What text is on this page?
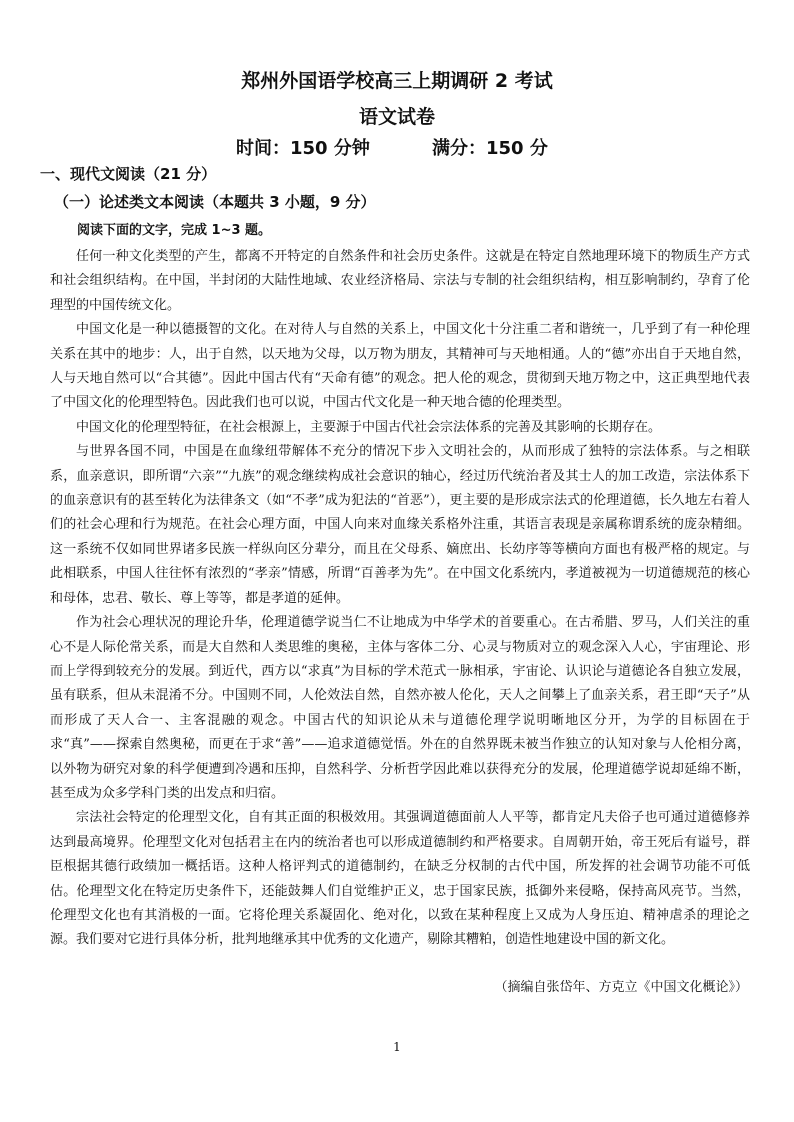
郑州外国语学校高三上期调研 2 考试
语文试卷
时间：150 分钟	满分：150 分
一、现代文阅读（21 分）
（一）论述类文本阅读（本题共 3 小题，9 分）
阅读下面的文字，完成 1~3 题。

任何一种文化类型的产生，都离不开特定的自然条件和社会历史条件。这就是在特定自然地理环境下的物质生产方式和社会组织结构。在中国，半封闭的大陆性地域、农业经济格局、宗法与专制的社会组织结构，相互影响制约，孕育了伦理型的中国传统文化。

中国文化是一种以德摄智的文化。在对待人与自然的关系上，中国文化十分注重二者和谐统一，几乎到了有一种伦理关系在其中的地步：人，出于自然，以天地为父母，以万物为朋友，其精神可与天地相通。人的“德”亦出自于天地自然，人与天地自然可以“合其德”。因此中国古代有“天命有德”的观念。把人伦的观念，贯彻到天地万物之中，这正典型地代表了中国文化的伦理型特色。因此我们也可以说，中国古代文化是一种天地合德的伦理类型。

中国文化的伦理型特征，在社会根源上，主要源于中国古代社会宗法体系的完善及其影响的长期存在。

与世界各国不同，中国是在血缘纽带解体不充分的情况下步入文明社会的，从而形成了独特的宗法体系。与之相联系，血亲意识，即所谓“六亲”“九族”的观念继续构成社会意识的轴心，经过历代统治者及其士人的加工改造，宗法体系下的血亲意识有的甚至转化为法律条文（如“不孝”成为犯法的“首恶”），更主要的是形成宗法式的伦理道德，长久地左右着人们的社会心理和行为规范。在社会心理方面，中国人向来对血缘关系格外注重，其语言表现是亲属称谓系统的庞杂精细。这一系统不仅如同世界诸多民族一样纵向区分辈分，而且在父母系、嫡庶出、长幼序等等横向方面也有极严格的规定。与此相联系，中国人往往怀有浓烈的“孝亲”情感，所谓“百善孝为先”。在中国文化系统内，孝道被视为一切道德规范的核心和母体，忠君、敬长、尊上等等，都是孝道的延伸。

作为社会心理状况的理论升华，伦理道德学说当仁不让地成为中华学术的首要重心。在古希腊、罗马，人们关注的重心不是人际伦常关系，而是大自然和人类思维的奥秘，主体与客体二分、心灵与物质对立的观念深入人心，宇宙理论、形而上学得到较充分的发展。到近代，西方以“求真”为目标的学术范式一脉相承，宇宙论、认识论与道德论各自独立发展，虽有联系，但从未混淆不分。中国则不同，人伦效法自然，自然亦被人伦化，天人之间攀上了血亲关系，君王即“天子”从而形成了天人合一、主客混融的观念。中国古代的知识论从未与道德伦理学说明晰地区分开，为学的目标固在于求“真”——探索自然奥秘，而更在于求“善”——追求道德觉悟。外在的自然界既未被当作独立的认知对象与人伦相分离，以外物为研究对象的科学便遭到冷遇和压抑，自然科学、分析哲学因此难以获得充分的发展，伦理道德学说却延绵不断，甚至成为众多学科门类的出发点和归宿。

宗法社会特定的伦理型文化，自有其正面的积极效用。其强调道德面前人人平等，都肯定凡夫俗子也可通过道德修养达到最高境界。伦理型文化对包括君主在内的统治者也可以形成道德制约和严格要求。自周朝开始，帝王死后有谥号，群臣根据其德行政绩加一概括语。这种人格评判式的道德制约，在缺乏分权制的古代中国，所发挥的社会调节功能不可低估。伦理型文化在特定历史条件下，还能鼓舞人们自觉维护正义，忠于国家民族，抵御外来侵略，保持高风亮节。当然，伦理型文化也有其消极的一面。它将伦理关系凝固化、绝对化，以致在某种程度上又成为人身压迫、精神虐杀的理论之源。我们要对它进行具体分析，批判地继承其中优秀的文化遗产，剔除其糟粕，创造性地建设中国的新文化。

（摘编自张岱年、方克立《中国文化概论》）
1
